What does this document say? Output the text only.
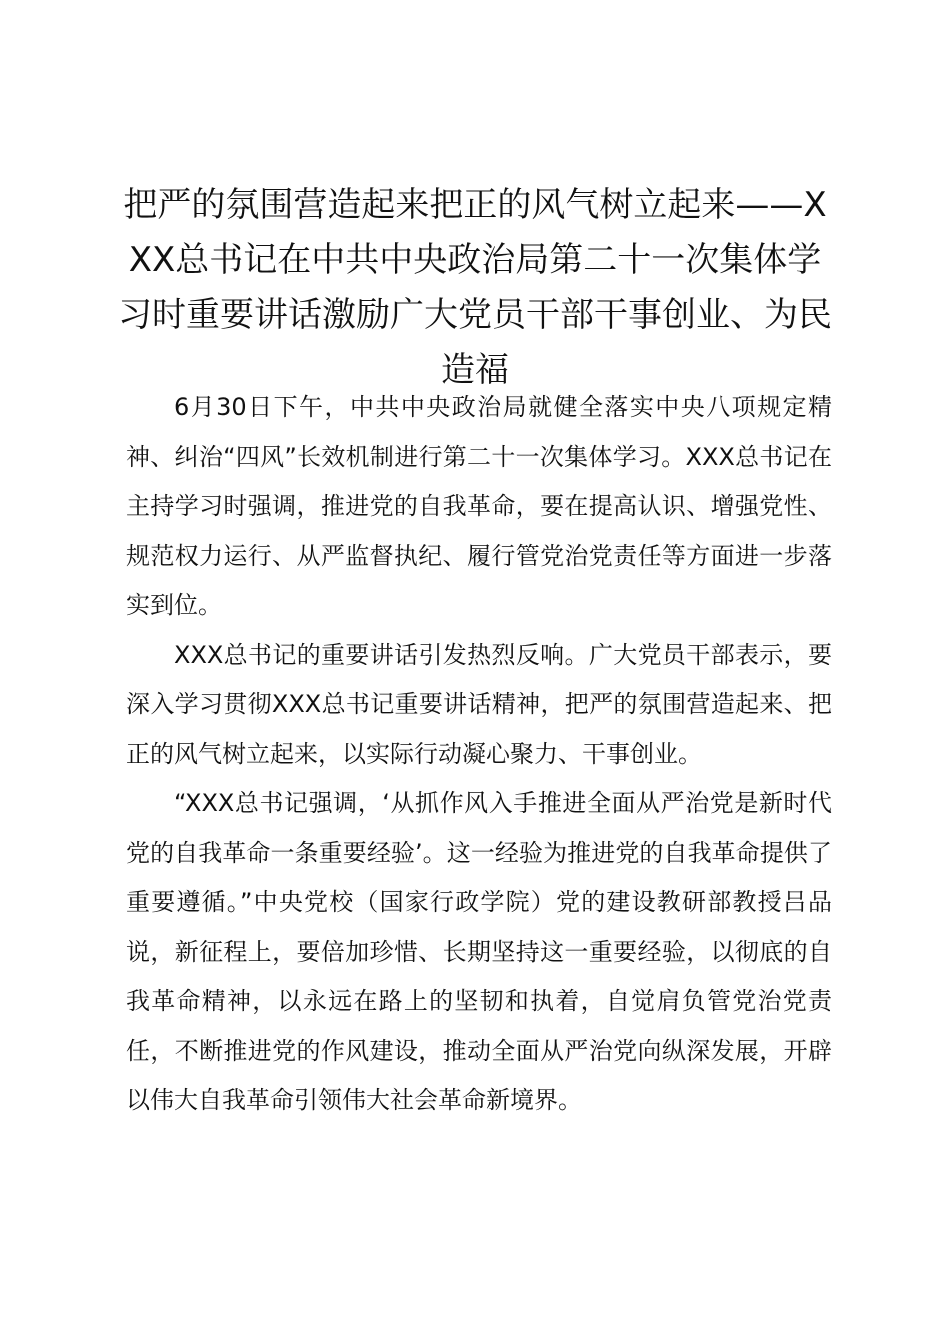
把严的氛围营造起来把正的风气树立起来——XXX总书记在中共中央政治局第二十一次集体学习时重要讲话激励广大党员干部干事创业、为民造福

6月30日下午，中共中央政治局就健全落实中央八项规定精神、纠治“四风”长效机制进行第二十一次集体学习。XXX总书记在主持学习时强调，推进党的自我革命，要在提高认识、增强党性、规范权力运行、从严监督执纪、履行管党治党责任等方面进一步落实到位。

XXX总书记的重要讲话引发热烈反响。广大党员干部表示，要深入学习贯彻XXX总书记重要讲话精神，把严的氛围营造起来、把正的风气树立起来，以实际行动凝心聚力、干事创业。

“XXX总书记强调，‘从抓作风入手推进全面从严治党是新时代党的自我革命一条重要经验’。这一经验为推进党的自我革命提供了重要遵循。”中央党校（国家行政学院）党的建设教研部教授吕品说，新征程上，要倍加珍惜、长期坚持这一重要经验，以彻底的自我革命精神，以永远在路上的坚韧和执着，自觉肩负管党治党责任，不断推进党的作风建设，推动全面从严治党向纵深发展，开辟以伟大自我革命引领伟大社会革命新境界。
